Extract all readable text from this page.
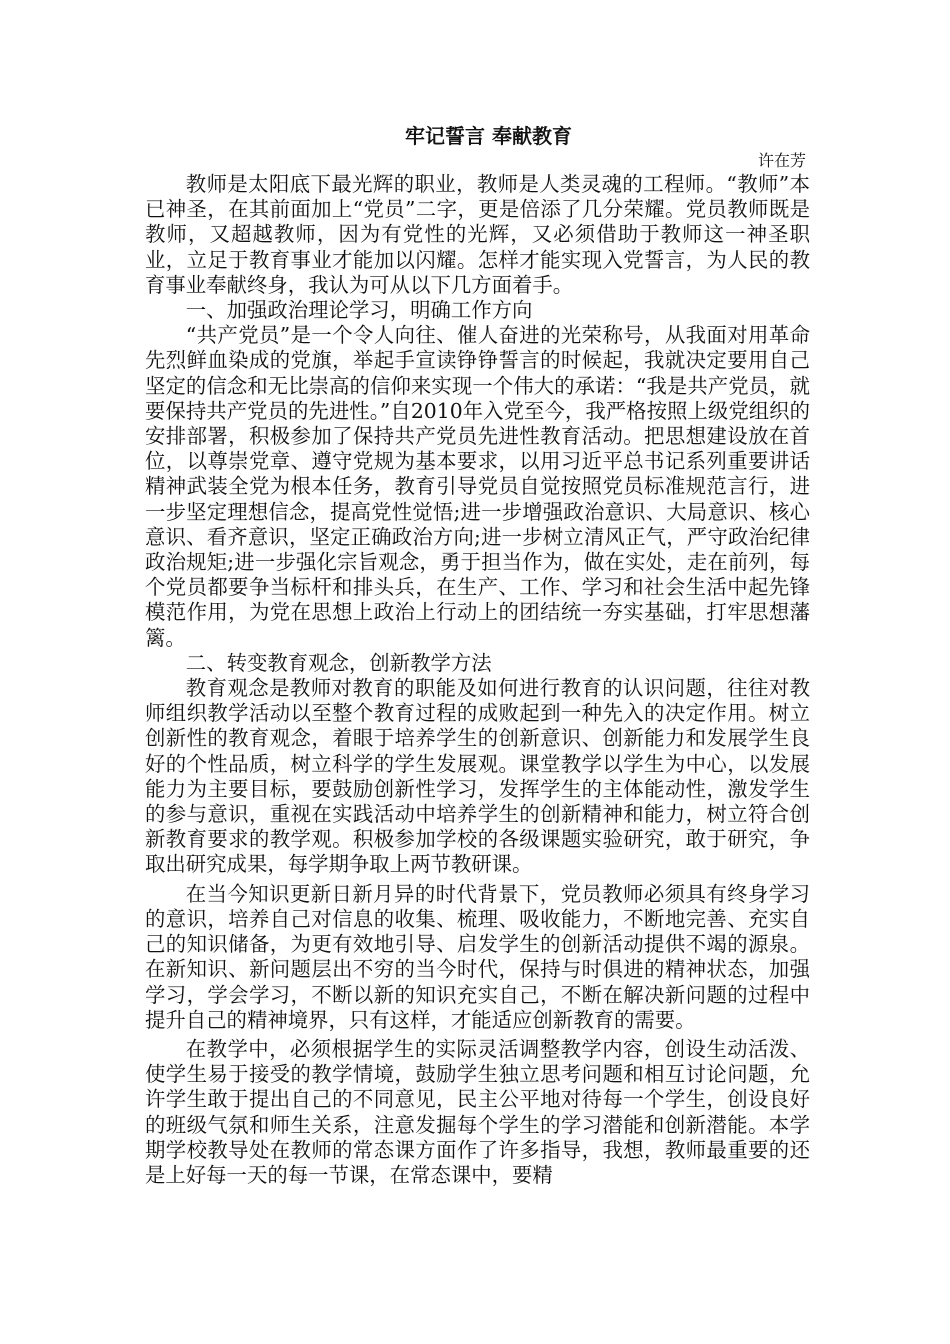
牢记誓言 奉献教育

许在芳

教师是太阳底下最光辉的职业，教师是人类灵魂的工程师。“教师”本已神圣，在其前面加上“党员”二字，更是倍添了几分荣耀。党员教师既是教师，又超越教师，因为有党性的光辉，又必须借助于教师这一神圣职业，立足于教育事业才能加以闪耀。怎样才能实现入党誓言，为人民的教育事业奉献终身，我认为可从以下几方面着手。

一、加强政治理论学习，明确工作方向

“共产党员”是一个令人向往、催人奋进的光荣称号，从我面对用革命先烈鲜血染成的党旗，举起手宣读铮铮誓言的时候起，我就决定要用自己坚定的信念和无比崇高的信仰来实现一个伟大的承诺：“我是共产党员，就要保持共产党员的先进性。”自2010年入党至今，我严格按照上级党组织的安排部署，积极参加了保持共产党员先进性教育活动。把思想建设放在首位，以尊崇党章、遵守党规为基本要求，以用习近平总书记系列重要讲话精神武装全党为根本任务，教育引导党员自觉按照党员标准规范言行，进一步坚定理想信念，提高党性觉悟;进一步增强政治意识、大局意识、核心意识、看齐意识，坚定正确政治方向;进一步树立清风正气，严守政治纪律政治规矩;进一步强化宗旨观念，勇于担当作为，做在实处，走在前列，每个党员都要争当标杆和排头兵，在生产、工作、学习和社会生活中起先锋模范作用，为党在思想上政治上行动上的团结统一夯实基础，打牢思想藩篱。

二、转变教育观念，创新教学方法

教育观念是教师对教育的职能及如何进行教育的认识问题，往往对教师组织教学活动以至整个教育过程的成败起到一种先入的决定作用。树立创新性的教育观念，着眼于培养学生的创新意识、创新能力和发展学生良好的个性品质，树立科学的学生发展观。课堂教学以学生为中心，以发展能力为主要目标，要鼓励创新性学习，发挥学生的主体能动性，激发学生的参与意识，重视在实践活动中培养学生的创新精神和能力，树立符合创新教育要求的教学观。积极参加学校的各级课题实验研究，敢于研究，争取出研究成果，每学期争取上两节教研课。

在当今知识更新日新月异的时代背景下，党员教师必须具有终身学习的意识，培养自己对信息的收集、梳理、吸收能力，不断地完善、充实自己的知识储备，为更有效地引导、启发学生的创新活动提供不竭的源泉。在新知识、新问题层出不穷的当今时代，保持与时俱进的精神状态，加强学习，学会学习，不断以新的知识充实自己，不断在解决新问题的过程中提升自己的精神境界，只有这样，才能适应创新教育的需要。

在教学中，必须根据学生的实际灵活调整教学内容，创设生动活泼、使学生易于接受的教学情境，鼓励学生独立思考问题和相互讨论问题，允许学生敢于提出自己的不同意见，民主公平地对待每一个学生，创设良好的班级气氛和师生关系，注意发掘每个学生的学习潜能和创新潜能。本学期学校教导处在教师的常态课方面作了许多指导，我想，教师最重要的还是上好每一天的每一节课，在常态课中，要精
